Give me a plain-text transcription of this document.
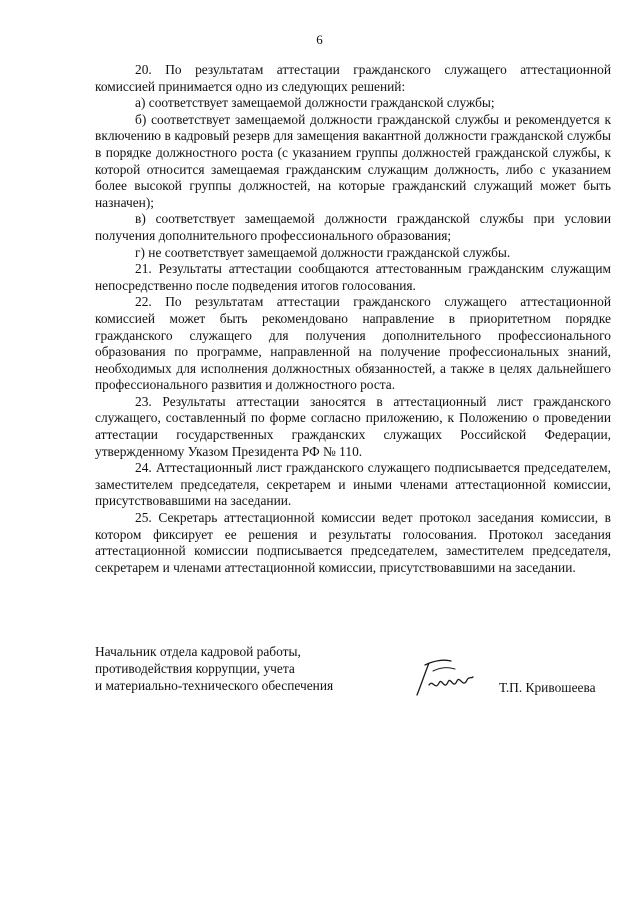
6

20. По результатам аттестации гражданского служащего аттестационной комиссией принимается одно из следующих решений:

а) соответствует замещаемой должности гражданской службы;

б) соответствует замещаемой должности гражданской службы и рекомендуется к включению в кадровый резерв для замещения вакантной должности гражданской службы в порядке должностного роста (с указанием группы должностей гражданской службы, к которой относится замещаемая гражданским служащим должность, либо с указанием более высокой группы должностей, на которые гражданский служащий может быть назначен);

в) соответствует замещаемой должности гражданской службы при условии получения дополнительного профессионального образования;

г) не соответствует замещаемой должности гражданской службы.

21. Результаты аттестации сообщаются аттестованным гражданским служащим непосредственно после подведения итогов голосования.

22. По результатам аттестации гражданского служащего аттестационной комиссией может быть рекомендовано направление в приоритетном порядке гражданского служащего для получения дополнительного профессионального образования по программе, направленной на получение профессиональных знаний, необходимых для исполнения должностных обязанностей, а также в целях дальнейшего профессионального развития и должностного роста.

23. Результаты аттестации заносятся в аттестационный лист гражданского служащего, составленный по форме согласно приложению, к Положению о проведении аттестации государственных гражданских служащих Российской Федерации, утвержденному Указом Президента РФ № 110.

24. Аттестационный лист гражданского служащего подписывается председателем, заместителем председателя, секретарем и иными членами аттестационной комиссии, присутствовавшими на заседании.

25. Секретарь аттестационной комиссии ведет протокол заседания комиссии, в котором фиксирует ее решения и результаты голосования. Протокол заседания аттестационной комиссии подписывается председателем, заместителем председателя, секретарем и членами аттестационной комиссии, присутствовавшими на заседании.

Начальник отдела кадровой работы,
противодействия коррупции, учета
и материально-технического обеспечения	Т.П. Кривошеева
